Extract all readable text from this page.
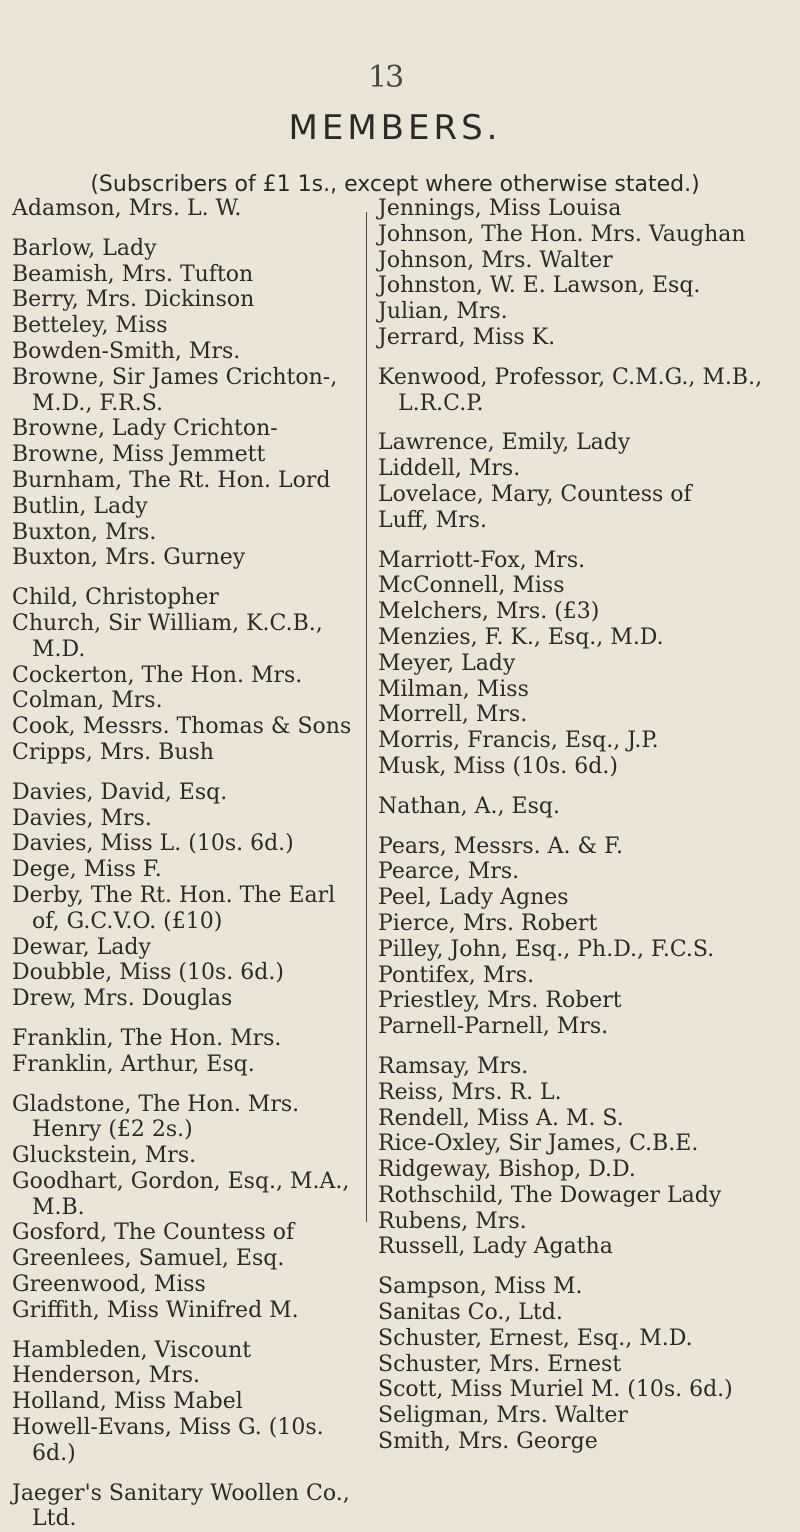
13
MEMBERS.
(Subscribers of £1 1s., except where otherwise stated.)

Adamson, Mrs. L. W.

Barlow, Lady

Beamish, Mrs. Tufton

Berry, Mrs. Dickinson

Betteley, Miss

Bowden-Smith, Mrs.

Browne, Sir James Crichton-, M.D., F.R.S.

Browne, Lady Crichton-

Browne, Miss Jemmett

Burnham, The Rt. Hon. Lord

Butlin, Lady

Buxton, Mrs.

Buxton, Mrs. Gurney

Child, Christopher

Church, Sir William, K.C.B., M.D.

Cockerton, The Hon. Mrs.

Colman, Mrs.

Cook, Messrs. Thomas & Sons

Cripps, Mrs. Bush

Davies, David, Esq.

Davies, Mrs.

Davies, Miss L. (10s. 6d.)

Dege, Miss F.

Derby, The Rt. Hon. The Earl of, G.C.V.O. (£10)

Dewar, Lady

Doubble, Miss (10s. 6d.)

Drew, Mrs. Douglas

Franklin, The Hon. Mrs.

Franklin, Arthur, Esq.

Gladstone, The Hon. Mrs. Henry (£2 2s.)

Gluckstein, Mrs.

Goodhart, Gordon, Esq., M.A., M.B.

Gosford, The Countess of

Greenlees, Samuel, Esq.

Greenwood, Miss

Griffith, Miss Winifred M.

Hambleden, Viscount

Henderson, Mrs.

Holland, Miss Mabel

Howell-Evans, Miss G. (10s. 6d.)

Jaeger's Sanitary Woollen Co., Ltd.

Jennings, Miss Louisa

Johnson, The Hon. Mrs. Vaughan

Johnson, Mrs. Walter

Johnston, W. E. Lawson, Esq.

Julian, Mrs.

Jerrard, Miss K.

Kenwood, Professor, C.M.G., M.B., L.R.C.P.

Lawrence, Emily, Lady

Liddell, Mrs.

Lovelace, Mary, Countess of

Luff, Mrs.

Marriott-Fox, Mrs.

McConnell, Miss

Melchers, Mrs. (£3)

Menzies, F. K., Esq., M.D.

Meyer, Lady

Milman, Miss

Morrell, Mrs.

Morris, Francis, Esq., J.P.

Musk, Miss (10s. 6d.)

Nathan, A., Esq.

Pears, Messrs. A. & F.

Pearce, Mrs.

Peel, Lady Agnes

Pierce, Mrs. Robert

Pilley, John, Esq., Ph.D., F.C.S.

Pontifex, Mrs.

Priestley, Mrs. Robert

Parnell-Parnell, Mrs.

Ramsay, Mrs.

Reiss, Mrs. R. L.

Rendell, Miss A. M. S.

Rice-Oxley, Sir James, C.B.E.

Ridgeway, Bishop, D.D.

Rothschild, The Dowager Lady

Rubens, Mrs.

Russell, Lady Agatha

Sampson, Miss M.

Sanitas Co., Ltd.

Schuster, Ernest, Esq., M.D.

Schuster, Mrs. Ernest

Scott, Miss Muriel M. (10s. 6d.)

Seligman, Mrs. Walter

Smith, Mrs. George
